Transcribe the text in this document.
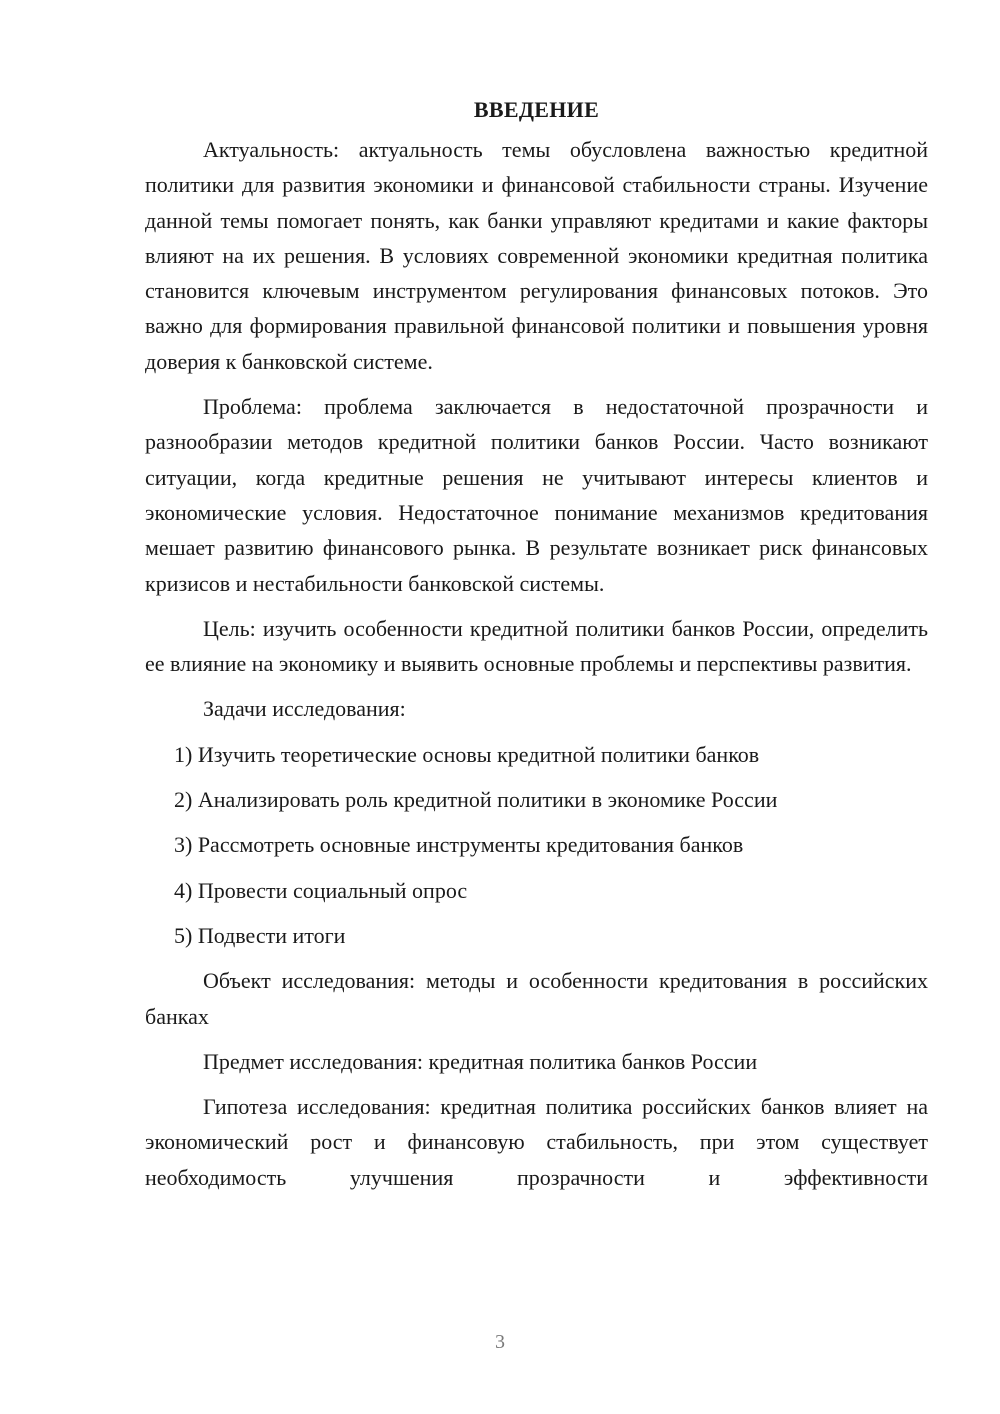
ВВЕДЕНИЕ

Актуальность: актуальность темы обусловлена важностью кредитной политики для развития экономики и финансовой стабильности страны. Изучение данной темы помогает понять, как банки управляют кредитами и какие факторы влияют на их решения. В условиях современной экономики кредитная политика становится ключевым инструментом регулирования финансовых потоков. Это важно для формирования правильной финансовой политики и повышения уровня доверия к банковской системе.

Проблема: проблема заключается в недостаточной прозрачности и разнообразии методов кредитной политики банков России. Часто возникают ситуации, когда кредитные решения не учитывают интересы клиентов и экономические условия. Недостаточное понимание механизмов кредитования мешает развитию финансового рынка. В результате возникает риск финансовых кризисов и нестабильности банковской системы.

Цель: изучить особенности кредитной политики банков России, определить ее влияние на экономику и выявить основные проблемы и перспективы развития.

Задачи исследования:

1) Изучить теоретические основы кредитной политики банков
2) Анализировать роль кредитной политики в экономике России
3) Рассмотреть основные инструменты кредитования банков
4) Провести социальный опрос
5) Подвести итоги

Объект исследования: методы и особенности кредитования в российских банках

Предмет исследования: кредитная политика банков России

Гипотеза исследования: кредитная политика российских банков влияет на экономический рост и финансовую стабильность, при этом существует необходимость улучшения прозрачности и эффективности

3
